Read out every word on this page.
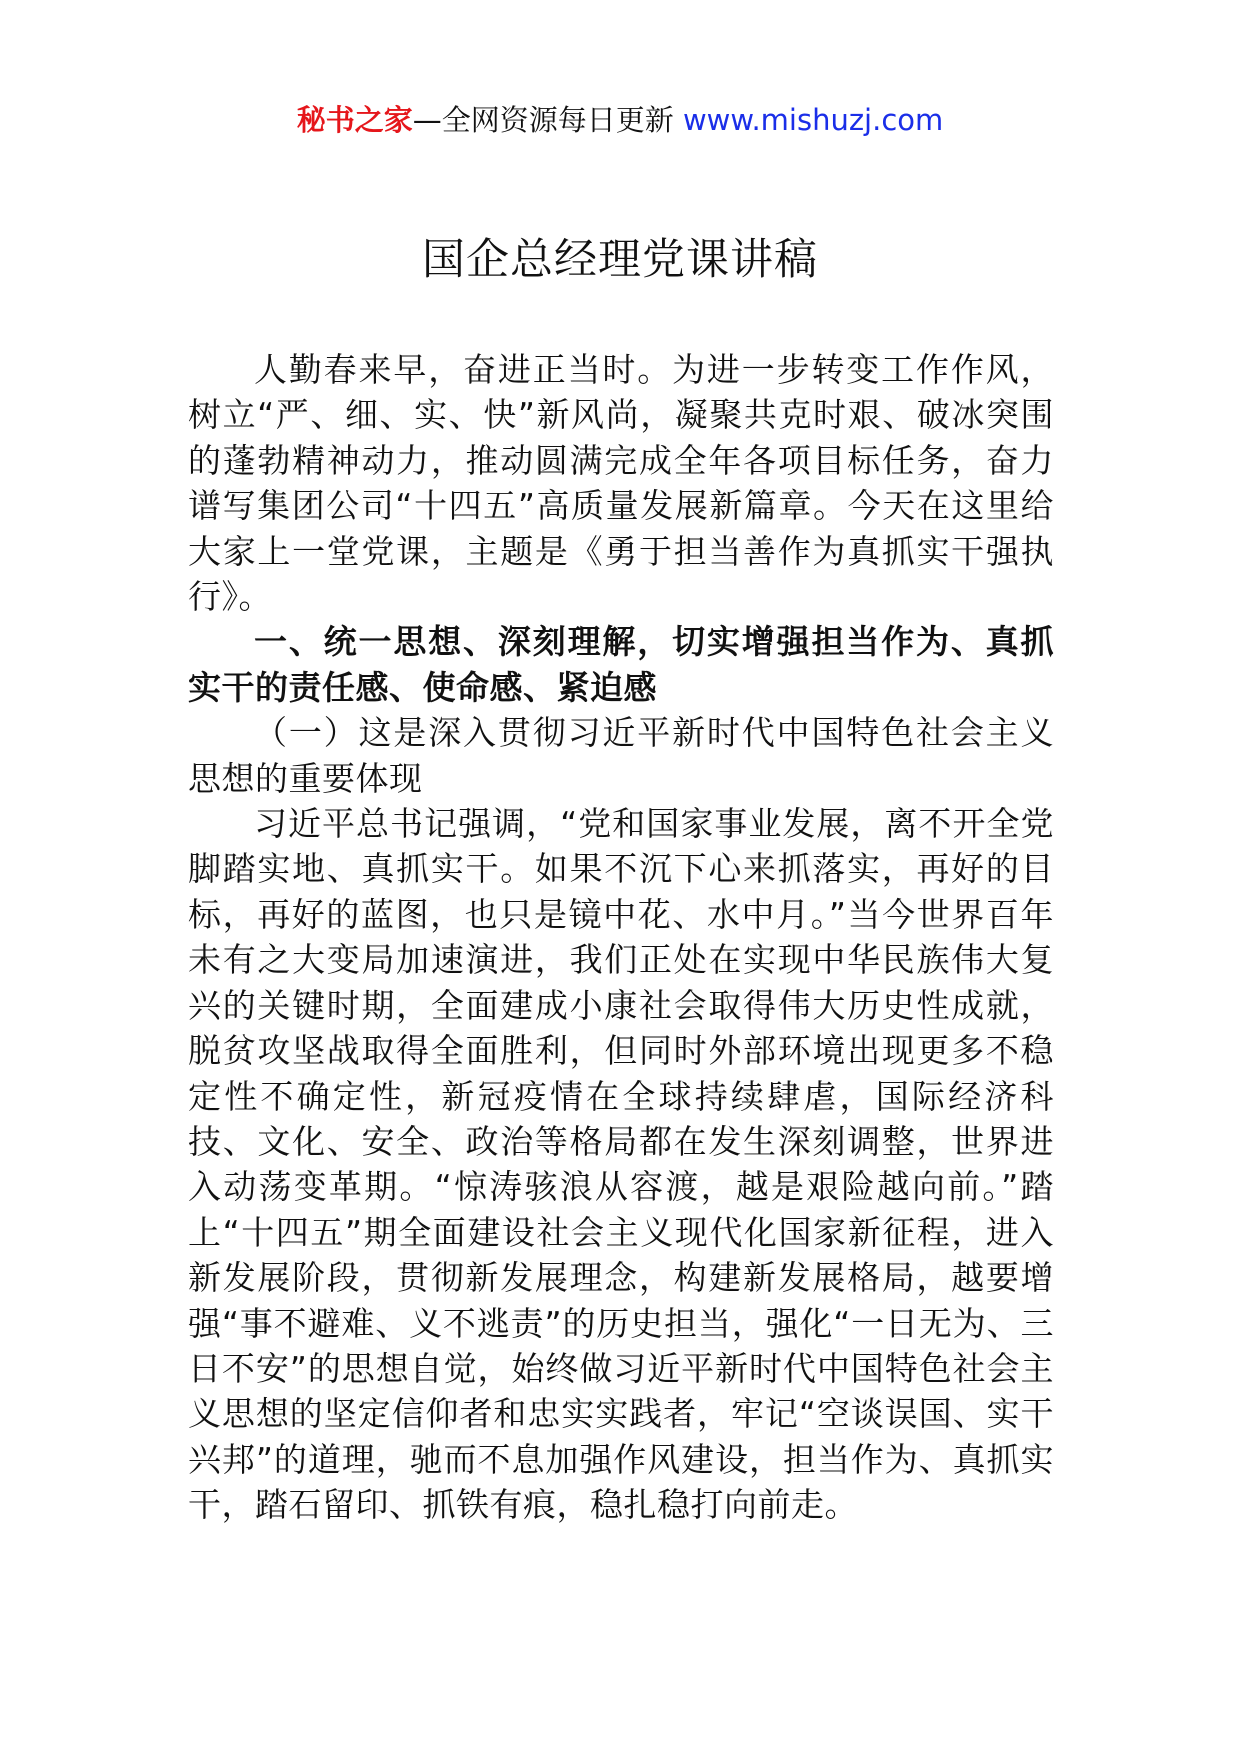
秘书之家—全网资源每日更新 www.mishuzj.com
国企总经理党课讲稿

人勤春来早，奋进正当时。为进一步转变工作作风，树立“严、细、实、快”新风尚，凝聚共克时艰、破冰突围的蓬勃精神动力，推动圆满完成全年各项目标任务，奋力谱写集团公司“十四五”高质量发展新篇章。今天在这里给大家上一堂党课，主题是《勇于担当善作为真抓实干强执行》。

一、统一思想、深刻理解，切实增强担当作为、真抓实干的责任感、使命感、紧迫感

（一）这是深入贯彻习近平新时代中国特色社会主义思想的重要体现

习近平总书记强调，“党和国家事业发展，离不开全党脚踏实地、真抓实干。如果不沉下心来抓落实，再好的目标，再好的蓝图，也只是镜中花、水中月。”当今世界百年未有之大变局加速演进，我们正处在实现中华民族伟大复兴的关键时期，全面建成小康社会取得伟大历史性成就，脱贫攻坚战取得全面胜利，但同时外部环境出现更多不稳定性不确定性，新冠疫情在全球持续肆虐，国际经济科技、文化、安全、政治等格局都在发生深刻调整，世界进入动荡变革期。“惊涛骇浪从容渡，越是艰险越向前。”踏上“十四五”期全面建设社会主义现代化国家新征程，进入新发展阶段，贯彻新发展理念，构建新发展格局，越要增强“事不避难、义不逃责”的历史担当，强化“一日无为、三日不安”的思想自觉，始终做习近平新时代中国特色社会主义思想的坚定信仰者和忠实实践者，牢记“空谈误国、实干兴邦”的道理，驰而不息加强作风建设，担当作为、真抓实干，踏石留印、抓铁有痕，稳扎稳打向前走。
